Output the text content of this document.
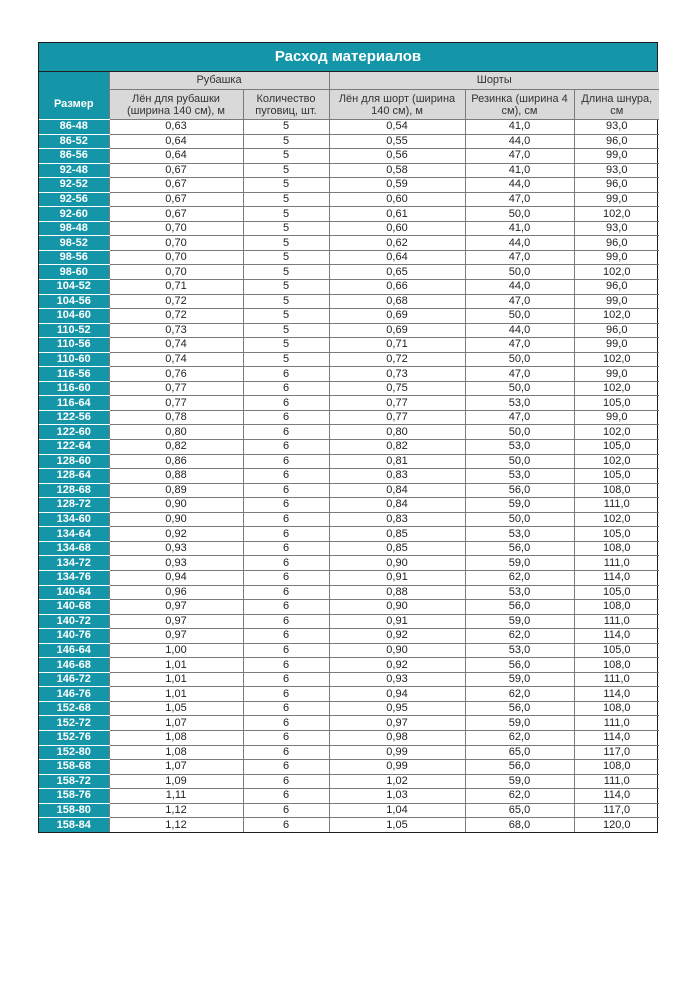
Расход материалов
	Рубашка		Шорты		
Размер	Лён для рубашки (ширина 140 см), м	Количество пуговиц, шт.	Лён для шорт (ширина 140 см), м	Резинка (ширина 4 см), см	Длина шнура, см
86-48	0,63	5	0,54	41,0	93,0
86-52	0,64	5	0,55	44,0	96,0
86-56	0,64	5	0,56	47,0	99,0
92-48	0,67	5	0,58	41,0	93,0
92-52	0,67	5	0,59	44,0	96,0
92-56	0,67	5	0,60	47,0	99,0
92-60	0,67	5	0,61	50,0	102,0
98-48	0,70	5	0,60	41,0	93,0
98-52	0,70	5	0,62	44,0	96,0
98-56	0,70	5	0,64	47,0	99,0
98-60	0,70	5	0,65	50,0	102,0
104-52	0,71	5	0,66	44,0	96,0
104-56	0,72	5	0,68	47,0	99,0
104-60	0,72	5	0,69	50,0	102,0
110-52	0,73	5	0,69	44,0	96,0
110-56	0,74	5	0,71	47,0	99,0
110-60	0,74	5	0,72	50,0	102,0
116-56	0,76	6	0,73	47,0	99,0
116-60	0,77	6	0,75	50,0	102,0
116-64	0,77	6	0,77	53,0	105,0
122-56	0,78	6	0,77	47,0	99,0
122-60	0,80	6	0,80	50,0	102,0
122-64	0,82	6	0,82	53,0	105,0
128-60	0,86	6	0,81	50,0	102,0
128-64	0,88	6	0,83	53,0	105,0
128-68	0,89	6	0,84	56,0	108,0
128-72	0,90	6	0,84	59,0	111,0
134-60	0,90	6	0,83	50,0	102,0
134-64	0,92	6	0,85	53,0	105,0
134-68	0,93	6	0,85	56,0	108,0
134-72	0,93	6	0,90	59,0	111,0
134-76	0,94	6	0,91	62,0	114,0
140-64	0,96	6	0,88	53,0	105,0
140-68	0,97	6	0,90	56,0	108,0
140-72	0,97	6	0,91	59,0	111,0
140-76	0,97	6	0,92	62,0	114,0
146-64	1,00	6	0,90	53,0	105,0
146-68	1,01	6	0,92	56,0	108,0
146-72	1,01	6	0,93	59,0	111,0
146-76	1,01	6	0,94	62,0	114,0
152-68	1,05	6	0,95	56,0	108,0
152-72	1,07	6	0,97	59,0	111,0
152-76	1,08	6	0,98	62,0	114,0
152-80	1,08	6	0,99	65,0	117,0
158-68	1,07	6	0,99	56,0	108,0
158-72	1,09	6	1,02	59,0	111,0
158-76	1,11	6	1,03	62,0	114,0
158-80	1,12	6	1,04	65,0	117,0
158-84	1,12	6	1,05	68,0	120,0
